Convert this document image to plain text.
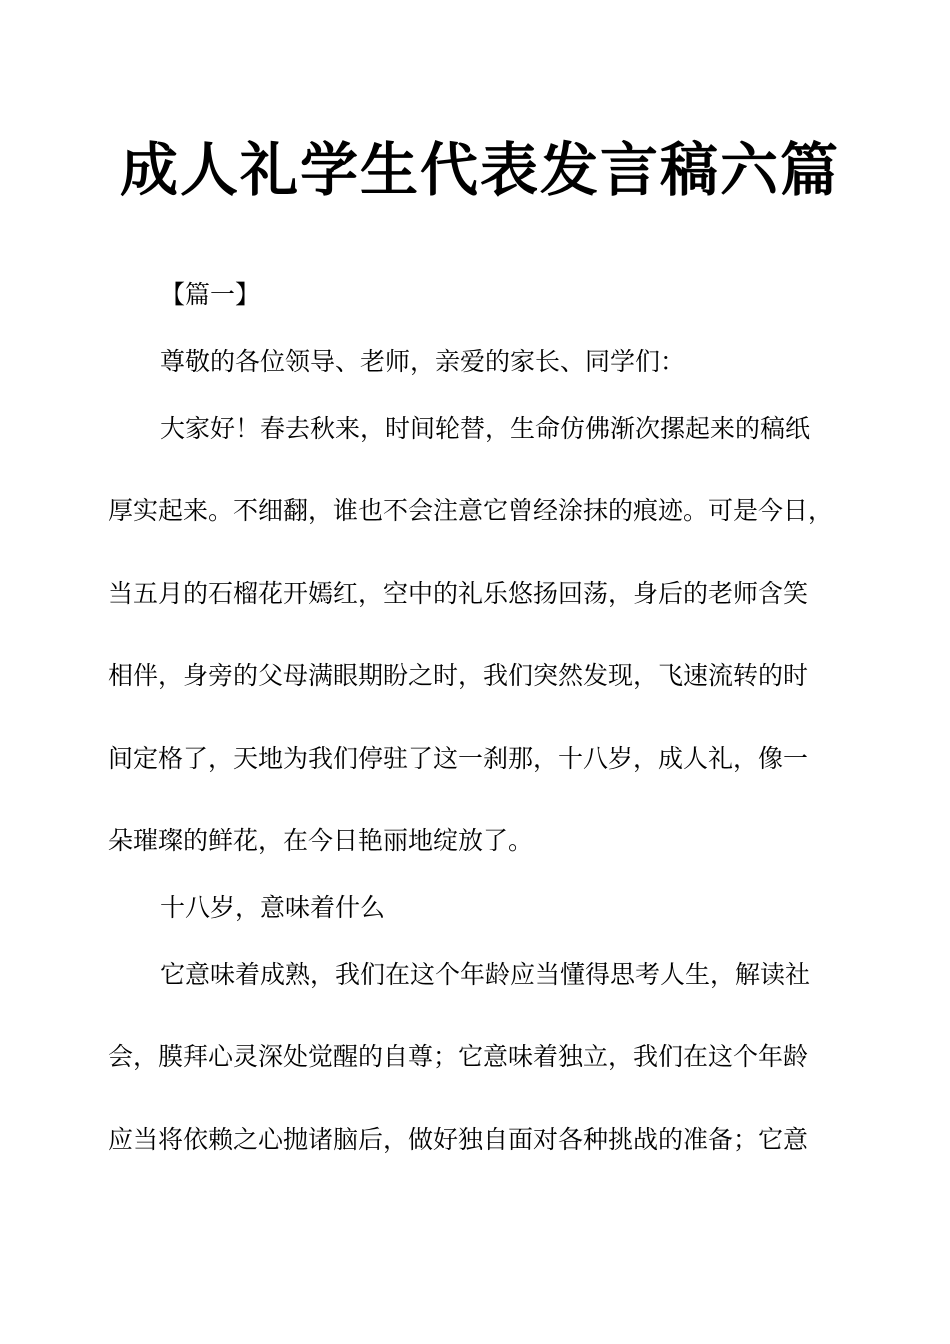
成人礼学生代表发言稿六篇
【篇一】
尊敬的各位领导、老师，亲爱的家长、同学们：
大家好！春去秋来，时间轮替，生命仿佛渐次摞起来的稿纸
厚实起来。不细翻，谁也不会注意它曾经涂抹的痕迹。可是今日，
当五月的石榴花开嫣红，空中的礼乐悠扬回荡，身后的老师含笑
相伴，身旁的父母满眼期盼之时，我们突然发现，飞速流转的时
间定格了，天地为我们停驻了这一刹那，十八岁，成人礼，像一
朵璀璨的鲜花，在今日艳丽地绽放了。
十八岁，意味着什么
它意味着成熟，我们在这个年龄应当懂得思考人生，解读社
会，膜拜心灵深处觉醒的自尊；它意味着独立，我们在这个年龄
应当将依赖之心抛诸脑后，做好独自面对各种挑战的准备；它意
